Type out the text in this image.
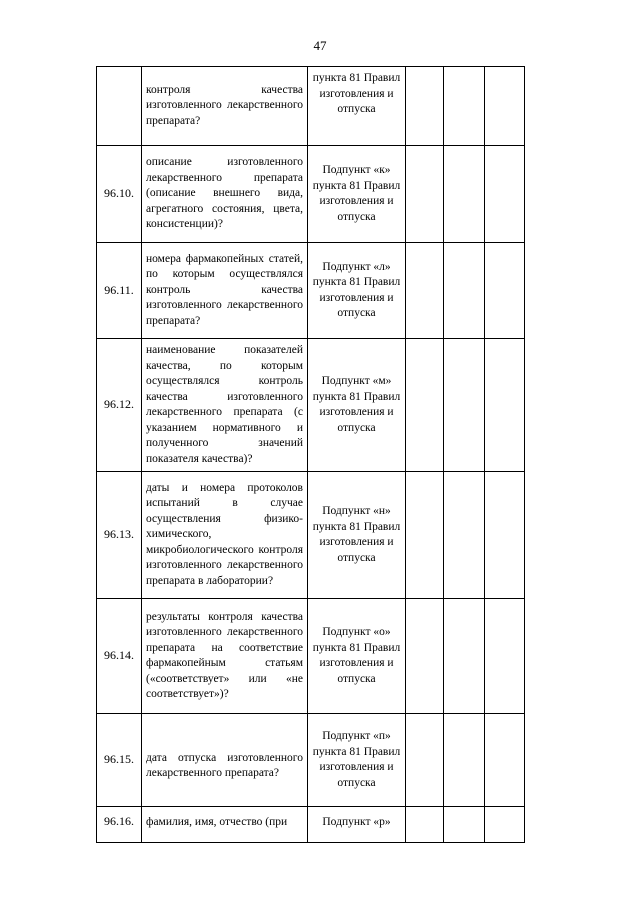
47
	контроля качества изготовленного лекарственного препарата?	пункта 81 Правил изготовления и отпуска			
96.10.	описание изготовленного лекарственного препарата (описание внешнего вида, агрегатного состояния, цвета, консистенции)?	Подпункт «к» пункта 81 Правил изготовления и отпуска			
96.11.	номера фармакопейных статей, по которым осуществлялся контроль качества изготовленного лекарственного препарата?	Подпункт «л» пункта 81 Правил изготовления и отпуска			
96.12.	наименование показателей качества, по которым осуществлялся контроль качества изготовленного лекарственного препарата (с указанием нормативного и полученного значений показателя качества)?	Подпункт «м» пункта 81 Правил изготовления и отпуска			
96.13.	даты и номера протоколов испытаний в случае осуществления физико-химического, микробиологического контроля изготовленного лекарственного препарата в лаборатории?	Подпункт «н» пункта 81 Правил изготовления и отпуска			
96.14.	результаты контроля качества изготовленного лекарственного препарата на соответствие фармакопейным статьям («соответствует» или «не соответствует»)?	Подпункт «о» пункта 81 Правил изготовления и отпуска			
96.15.	дата отпуска изготовленного лекарственного препарата?	Подпункт «п» пункта 81 Правил изготовления и отпуска			
96.16.	фамилия, имя, отчество (при	Подпункт «р»			
